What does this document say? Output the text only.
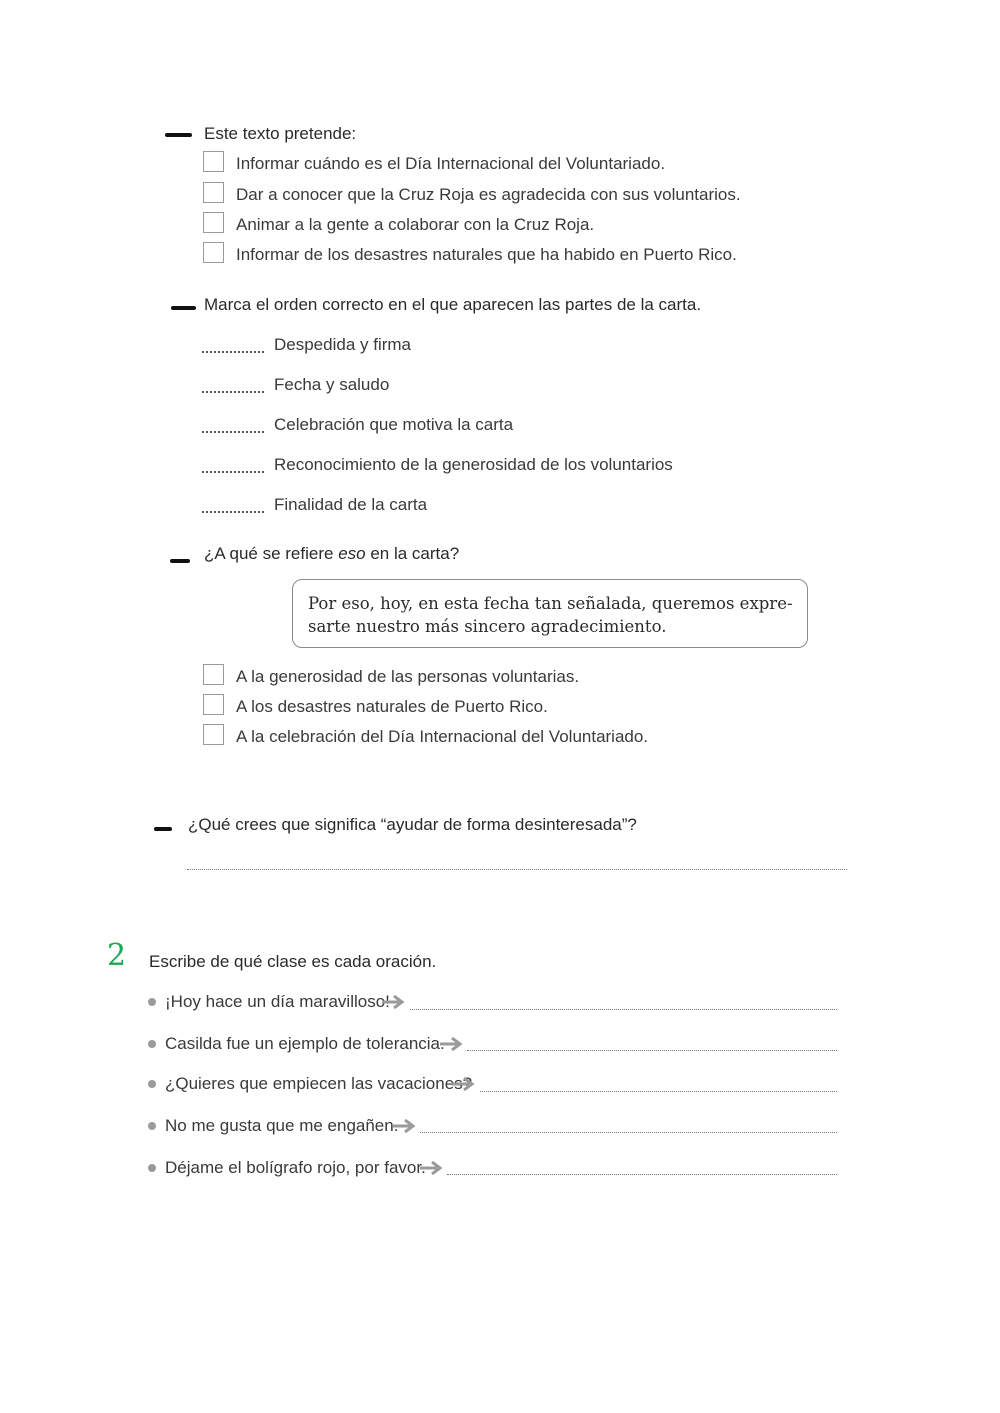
Este texto pretende:
Informar cuándo es el Día Internacional del Voluntariado.
Dar a conocer que la Cruz Roja es agradecida con sus voluntarios.
Animar a la gente a colaborar con la Cruz Roja.
Informar de los desastres naturales que ha habido en Puerto Rico.
Marca el orden correcto en el que aparecen las partes de la carta.
Despedida y firma
Fecha y saludo
Celebración que motiva la carta
Reconocimiento de la generosidad de los voluntarios
Finalidad de la carta
¿A qué se refiere eso en la carta?
Por eso, hoy, en esta fecha tan señalada, queremos expre-
sarte nuestro más sincero agradecimiento.
A la generosidad de las personas voluntarias.
A los desastres naturales de Puerto Rico.
A la celebración del Día Internacional del Voluntariado.
¿Qué crees que significa “ayudar de forma desinteresada”?
2 Escribe de qué clase es cada oración.
¡Hoy hace un día maravilloso!
Casilda fue un ejemplo de tolerancia.
¿Quieres que empiecen las vacaciones?
No me gusta que me engañen.
Déjame el bolígrafo rojo, por favor.
